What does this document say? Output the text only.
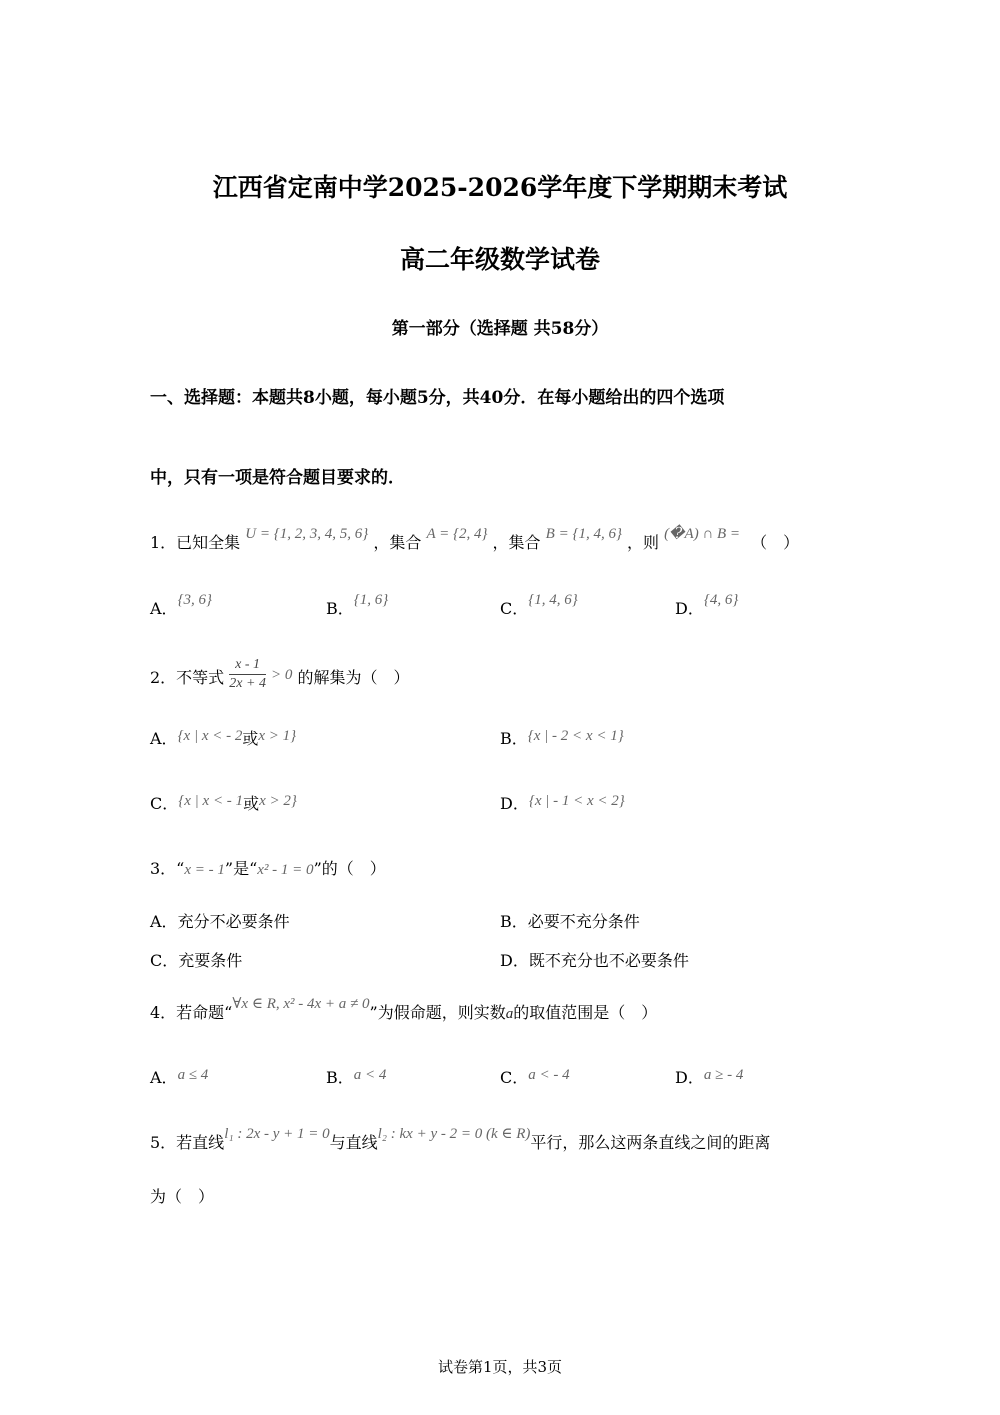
江西省定南中学2025-2026学年度下学期期末考试
高二年级数学试卷
第一部分（选择题 共58分）
一、选择题：本题共8小题，每小题5分，共40分．在每小题给出的四个选项
中，只有一项是符合题目要求的．
1．已知全集 U = {1, 2, 3, 4, 5, 6} ，集合 A = {2, 4} ，集合 B = {1, 4, 6} ，则 (�A) ∩ B = （　）
A．{3, 6}	B．{1, 6}	C．{1, 4, 6}	D．{4, 6}
2．不等式 $\frac{x - 1}{2x + 4} > 0$ 的解集为（　）
A．{x | x < - 2或x > 1}	B．{x | - 2 < x < 1}
C．{x | x < - 1或x > 2}	D．{x | - 1 < x < 2}
3．“x = - 1”是“x² - 1 = 0”的（　）
A．充分不必要条件	B．必要不充分条件
C．充要条件	D．既不充分也不必要条件
4．若命题“∀x ∈ R, x² - 4x + a ≠ 0”为假命题，则实数a的取值范围是（　）
A．a ≤ 4	B．a < 4	C．a < - 4	D．a ≥ - 4
5．若直线l₁ : 2x - y + 1 = 0与直线l₂ : kx + y - 2 = 0 (k ∈ R)平行，那么这两条直线之间的距离
为（　）
试卷第1页，共3页
